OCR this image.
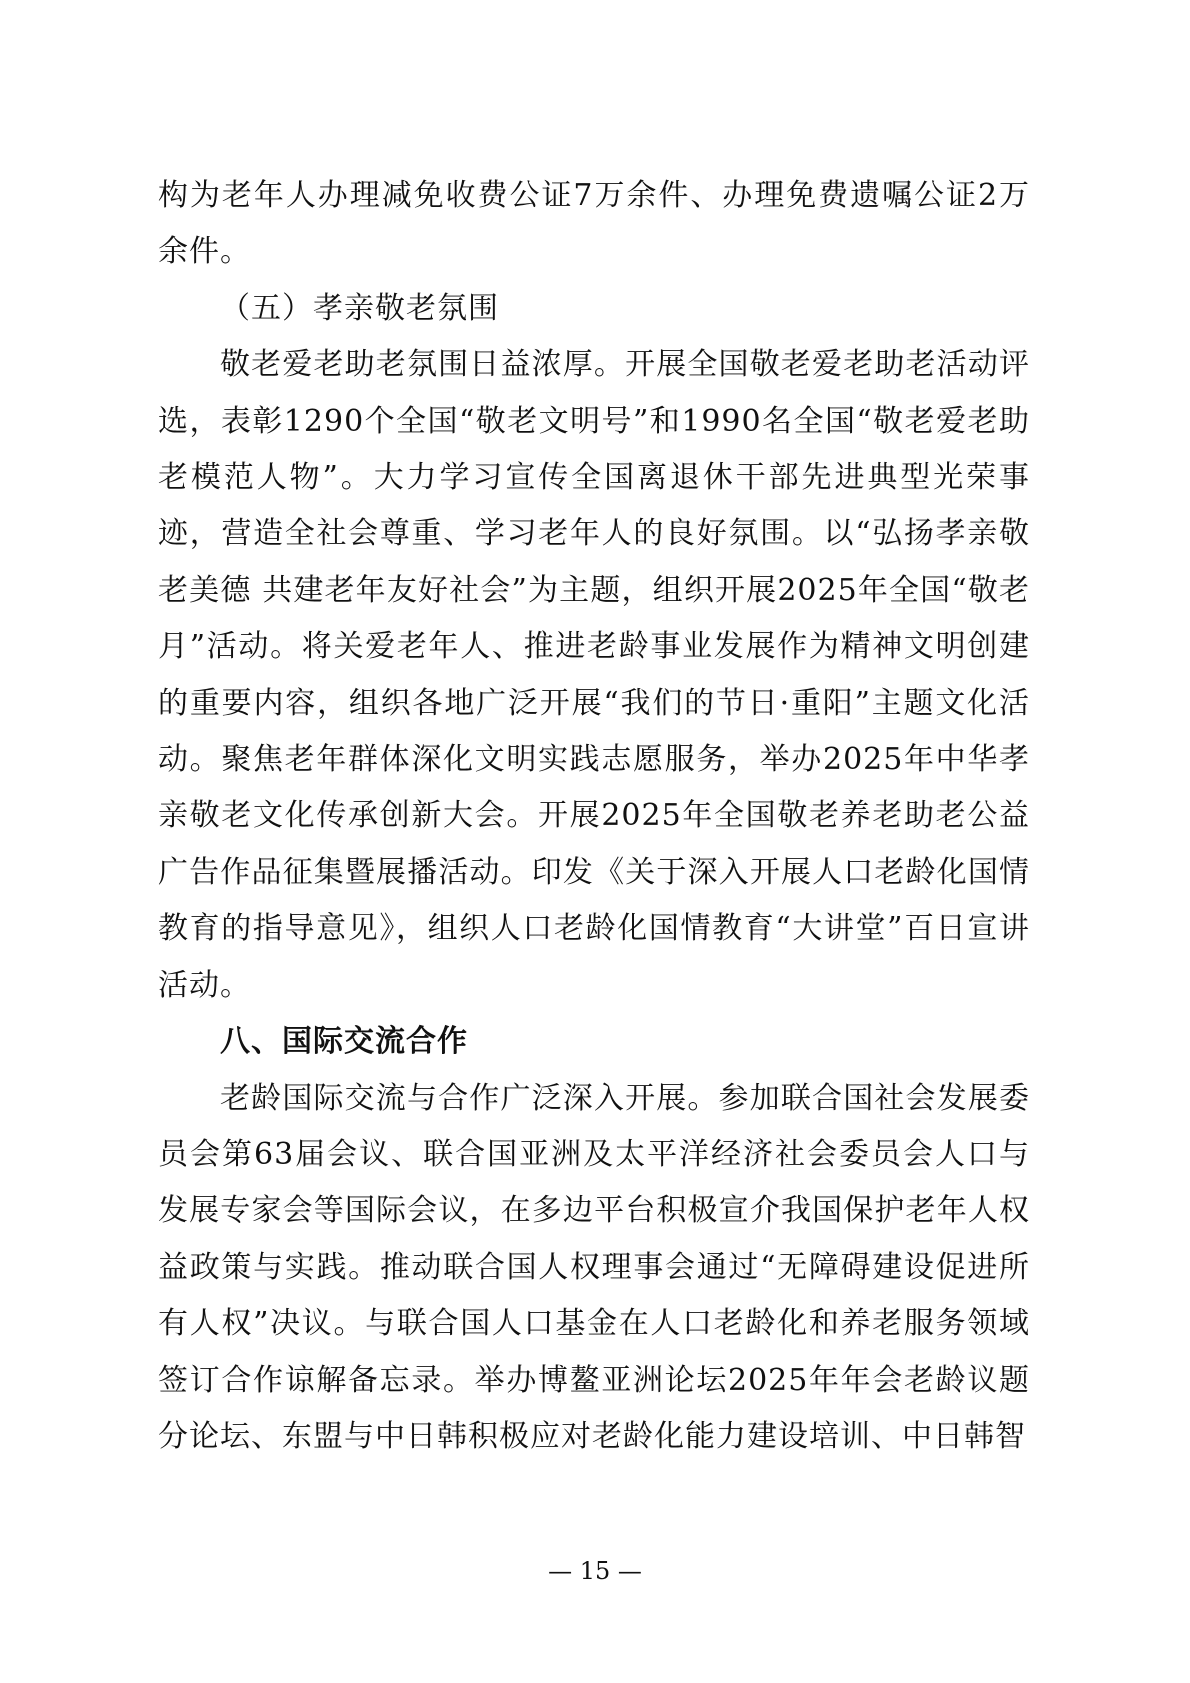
构为老年人办理减免收费公证7万余件、办理免费遗嘱公证2万余件。

（五）孝亲敬老氛围

敬老爱老助老氛围日益浓厚。开展全国敬老爱老助老活动评选，表彰1290个全国“敬老文明号”和1990名全国“敬老爱老助老模范人物”。大力学习宣传全国离退休干部先进典型光荣事迹，营造全社会尊重、学习老年人的良好氛围。以“弘扬孝亲敬老美德 共建老年友好社会”为主题，组织开展2025年全国“敬老月”活动。将关爱老年人、推进老龄事业发展作为精神文明创建的重要内容，组织各地广泛开展“我们的节日·重阳”主题文化活动。聚焦老年群体深化文明实践志愿服务，举办2025年中华孝亲敬老文化传承创新大会。开展2025年全国敬老养老助老公益广告作品征集暨展播活动。印发《关于深入开展人口老龄化国情教育的指导意见》，组织人口老龄化国情教育“大讲堂”百日宣讲活动。

八、国际交流合作

老龄国际交流与合作广泛深入开展。参加联合国社会发展委员会第63届会议、联合国亚洲及太平洋经济社会委员会人口与发展专家会等国际会议，在多边平台积极宣介我国保护老年人权益政策与实践。推动联合国人权理事会通过“无障碍建设促进所有人权”决议。与联合国人口基金在人口老龄化和养老服务领域签订合作谅解备忘录。举办博鳌亚洲论坛2025年年会老龄议题分论坛、东盟与中日韩积极应对老龄化能力建设培训、中日韩智

— 15 —
